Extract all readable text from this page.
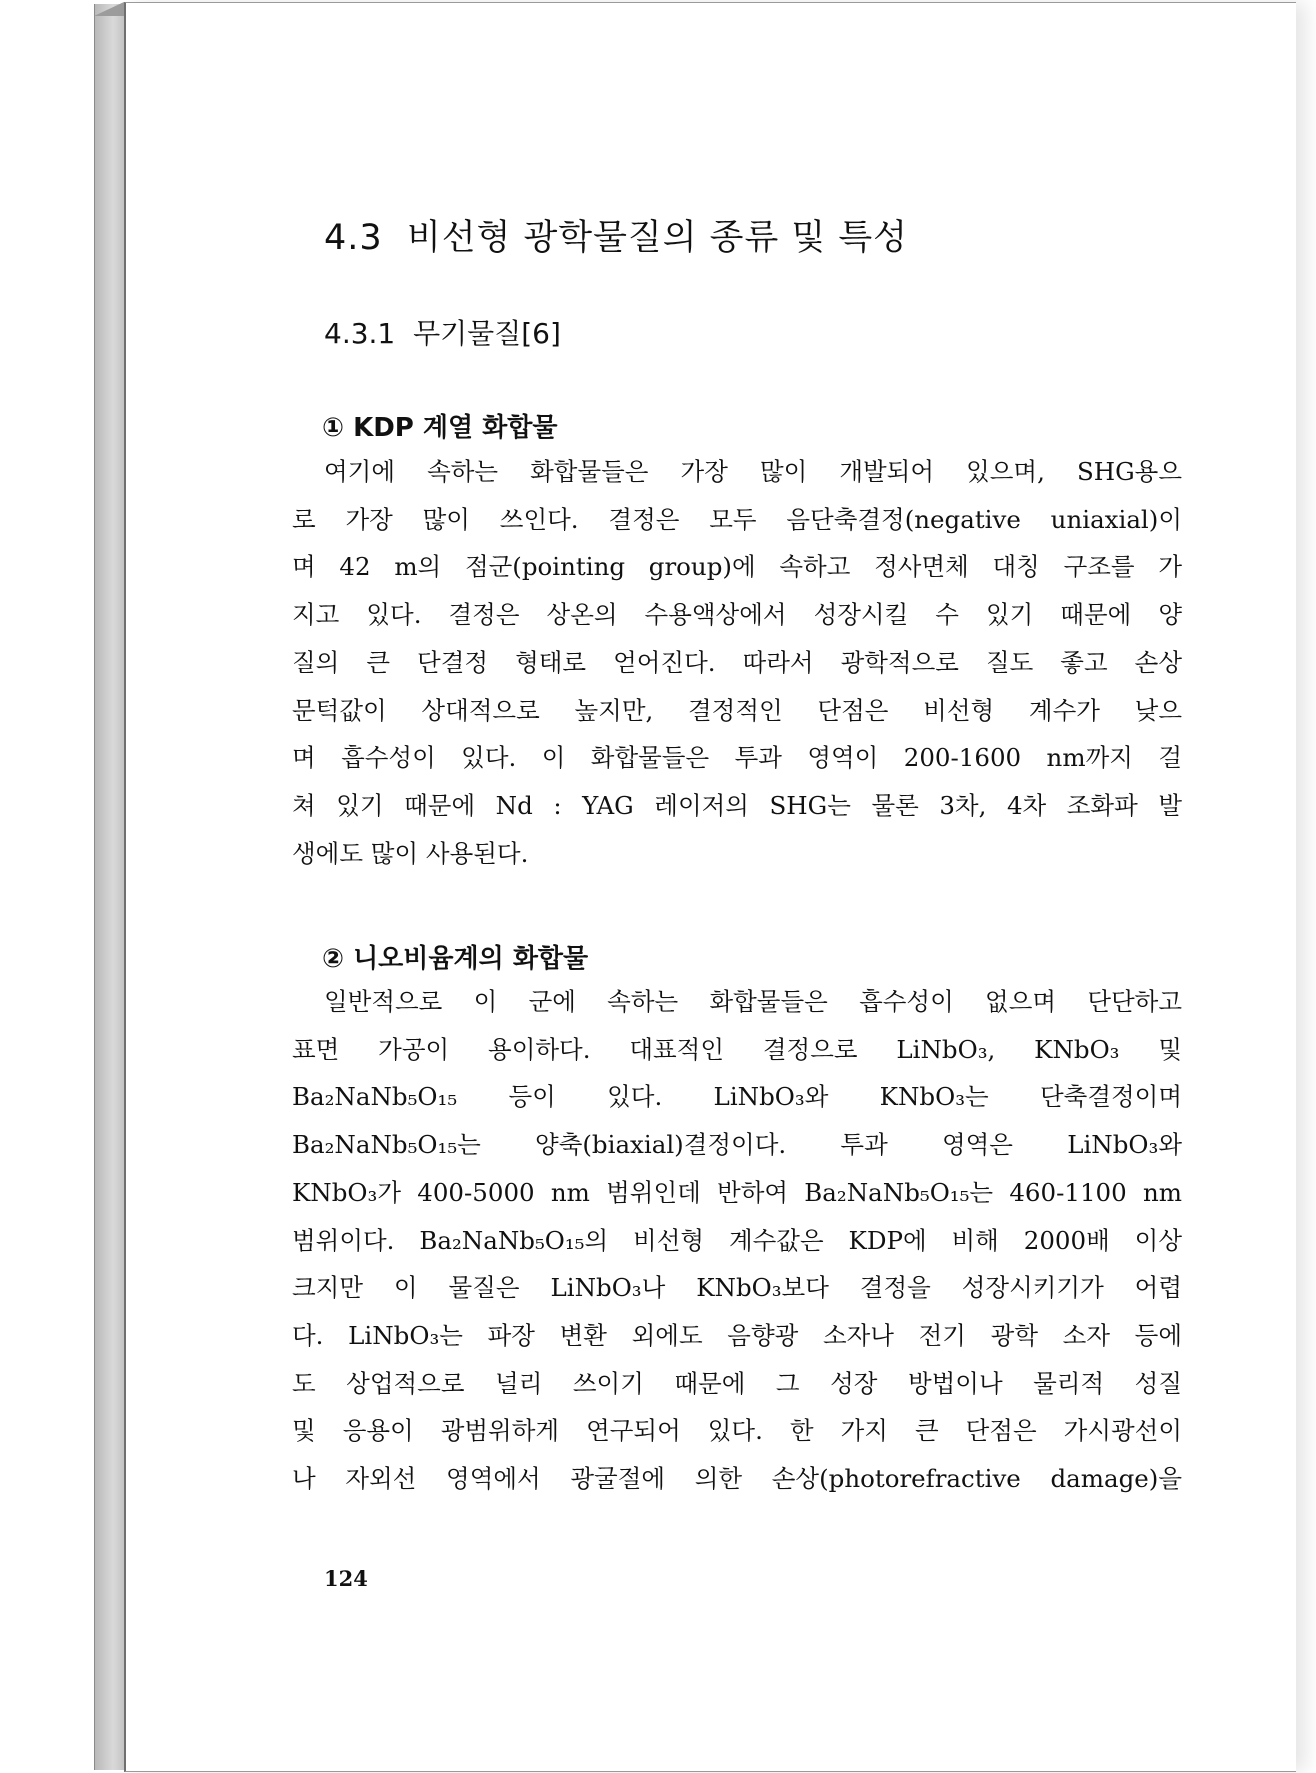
4.3 비선형 광학물질의 종류 및 특성
4.3.1 무기물질[6]
① KDP 계열 화합물

여기에 속하는 화합물들은 가장 많이 개발되어 있으며, SHG용으
로 가장 많이 쓰인다. 결정은 모두 음단축결정(negative uniaxial)이
며 42 m의 점군(pointing group)에 속하고 정사면체 대칭 구조를 가
지고 있다. 결정은 상온의 수용액상에서 성장시킬 수 있기 때문에 양
질의 큰 단결정 형태로 얻어진다. 따라서 광학적으로 질도 좋고 손상
문턱값이 상대적으로 높지만, 결정적인 단점은 비선형 계수가 낮으
며 흡수성이 있다. 이 화합물들은 투과 영역이 200-1600 nm까지 걸
쳐 있기 때문에 Nd : YAG 레이저의 SHG는 물론 3차, 4차 조화파 발
생에도 많이 사용된다.

② 니오비윰계의 화합물

일반적으로 이 군에 속하는 화합물들은 흡수성이 없으며 단단하고
표면 가공이 용이하다. 대표적인 결정으로 LiNbO₃, KNbO₃ 및
Ba₂NaNb₅O₁₅ 등이 있다. LiNbO₃와 KNbO₃는 단축결정이며
Ba₂NaNb₅O₁₅는 양축(biaxial)결정이다. 투과 영역은 LiNbO₃와
KNbO₃가 400-5000 nm 범위인데 반하여 Ba₂NaNb₅O₁₅는 460-1100 nm
범위이다. Ba₂NaNb₅O₁₅의 비선형 계수값은 KDP에 비해 2000배 이상
크지만 이 물질은 LiNbO₃나 KNbO₃보다 결정을 성장시키기가 어렵
다. LiNbO₃는 파장 변환 외에도 음향광 소자나 전기 광학 소자 등에
도 상업적으로 널리 쓰이기 때문에 그 성장 방법이나 물리적 성질
및 응용이 광범위하게 연구되어 있다. 한 가지 큰 단점은 가시광선이
나 자외선 영역에서 광굴절에 의한 손상(photorefractive damage)을

124
